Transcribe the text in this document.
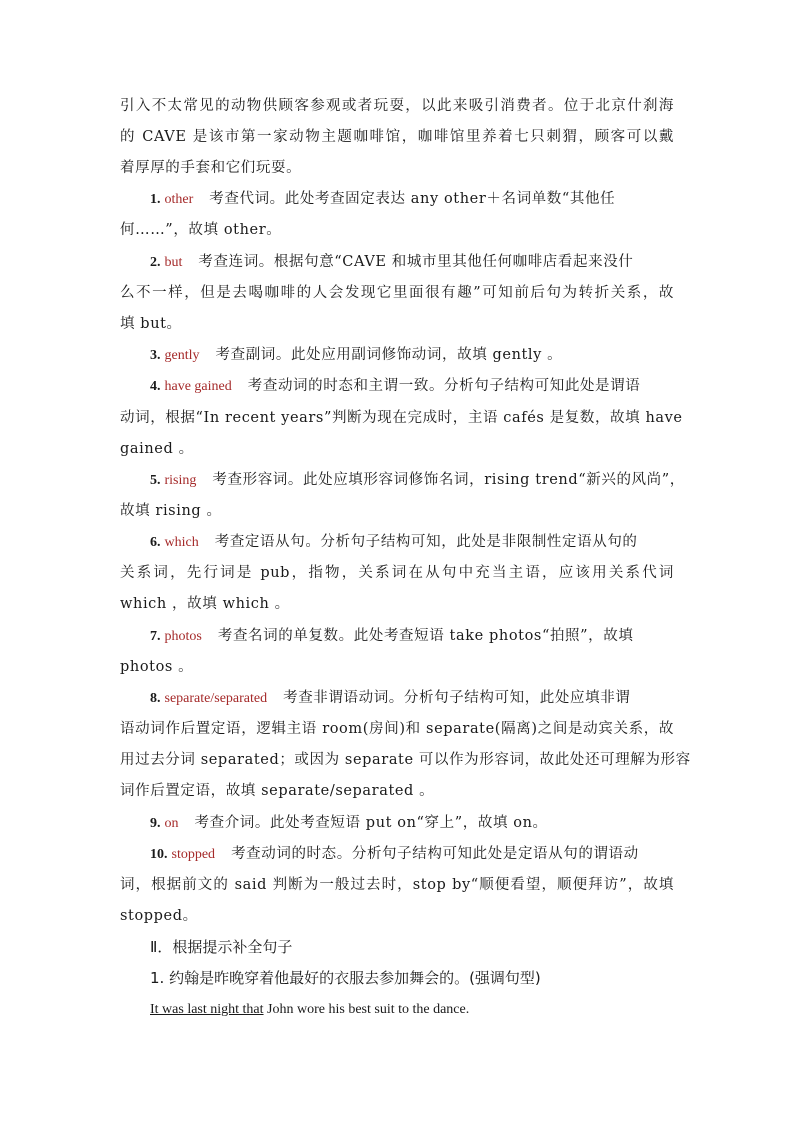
引入不太常见的动物供顾客参观或者玩耍，以此来吸引消费者。位于北京什刹海
的 CAVE 是该市第一家动物主题咖啡馆，咖啡馆里养着七只刺猬，顾客可以戴
着厚厚的手套和它们玩耍。
1. other 考查代词。此处考查固定表达 any other＋名词单数“其他任
何……”，故填 other。
2. but 考查连词。根据句意“CAVE 和城市里其他任何咖啡店看起来没什
么不一样，但是去喝咖啡的人会发现它里面很有趣”可知前后句为转折关系，故
填 but。
3. gently 考查副词。此处应用副词修饰动词，故填 gently 。
4. have gained 考查动词的时态和主谓一致。分析句子结构可知此处是谓语
动词，根据“In recent years”判断为现在完成时，主语 cafés 是复数，故填 have
gained 。
5. rising 考查形容词。此处应填形容词修饰名词，rising trend“新兴的风尚”，
故填 rising 。
6. which 考查定语从句。分析句子结构可知，此处是非限制性定语从句的
关系词，先行词是 pub，指物，关系词在从句中充当主语，应该用关系代词
which ，故填 which 。
7. photos 考查名词的单复数。此处考查短语 take photos“拍照”，故填
photos 。
8. separate/separated 考查非谓语动词。分析句子结构可知，此处应填非谓
语动词作后置定语，逻辑主语 room(房间)和 separate(隔离)之间是动宾关系，故
用过去分词 separated；或因为 separate 可以作为形容词，故此处还可理解为形容
词作后置定语，故填 separate/separated 。
9. on 考查介词。此处考查短语 put on“穿上”，故填 on。
10. stopped 考查动词的时态。分析句子结构可知此处是定语从句的谓语动
词，根据前文的 said 判断为一般过去时，stop by“顺便看望，顺便拜访”，故填
stopped。
Ⅱ．根据提示补全句子
1. 约翰是昨晚穿着他最好的衣服去参加舞会的。(强调句型)
It was last night that John wore his best suit to the dance.
